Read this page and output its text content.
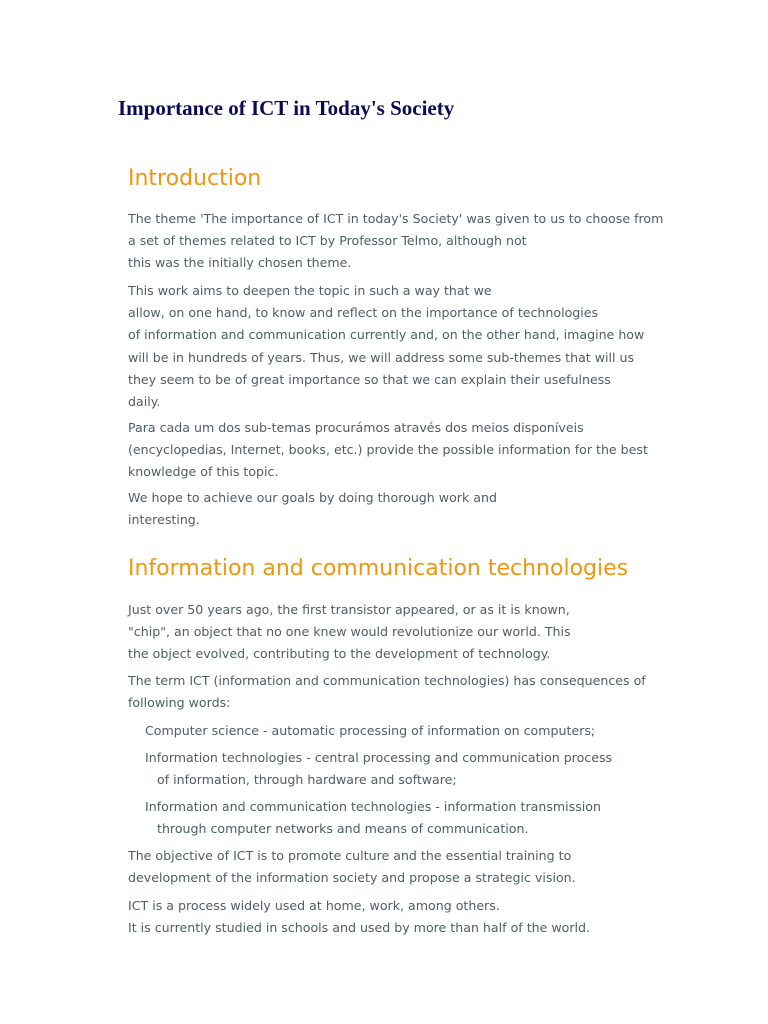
Importance of ICT in Today's Society
Introduction

The theme 'The importance of ICT in today's Society' was given to us to choose from
a set of themes related to ICT by Professor Telmo, although not
this was the initially chosen theme.

This work aims to deepen the topic in such a way that we
allow, on one hand, to know and reflect on the importance of technologies
of information and communication currently and, on the other hand, imagine how
will be in hundreds of years. Thus, we will address some sub-themes that will us
they seem to be of great importance so that we can explain their usefulness
daily.

Para cada um dos sub-temas procurámos através dos meios disponíveis
(encyclopedias, Internet, books, etc.) provide the possible information for the best
knowledge of this topic.

We hope to achieve our goals by doing thorough work and
interesting.

Information and communication technologies

Just over 50 years ago, the first transistor appeared, or as it is known,
"chip", an object that no one knew would revolutionize our world. This
the object evolved, contributing to the development of technology.

The term ICT (information and communication technologies) has consequences of
following words:

Computer science - automatic processing of information on computers;
Information technologies - central processing and communication process
of information, through hardware and software;
Information and communication technologies - information transmission
through computer networks and means of communication.

The objective of ICT is to promote culture and the essential training to
development of the information society and propose a strategic vision.

ICT is a process widely used at home, work, among others.
It is currently studied in schools and used by more than half of the world.
